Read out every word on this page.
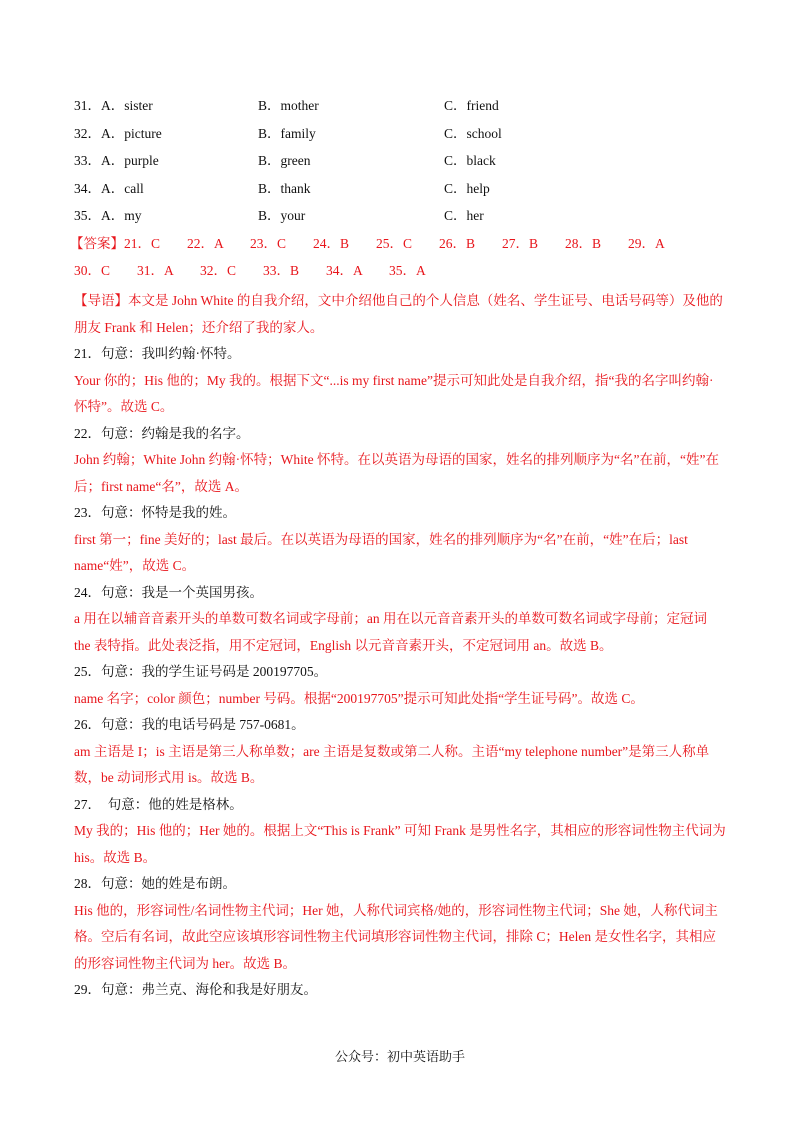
31．A．sister	B．mother	C．friend
32．A．picture	B．family	C．school
33．A．purple	B．green	C．black
34．A．call	B．thank	C．help
35．A．my	B．your	C．her
【答案】21．C　　22．A　　23．C　　24．B　　25．C　　26．B　　27．B　　28．B　　29．A
30．C　　31．A　　32．C　　33．B　　34．A　　35．A
【导语】本文是 John White 的自我介绍，文中介绍他自己的个人信息（姓名、学生证号、电话号码等）及他的朋友 Frank 和 Helen；还介绍了我的家人。
21．句意：我叫约翰·怀特。
Your 你的；His 他的；My 我的。根据下文“...is my first name”提示可知此处是自我介绍，指“我的名字叫约翰·怀特”。故选 C。
22．句意：约翰是我的名字。
John 约翰；White John 约翰·怀特；White 怀特。在以英语为母语的国家，姓名的排列顺序为“名”在前，“姓”在后；first name“名”，故选 A。
23．句意：怀特是我的姓。
first 第一；fine 美好的；last 最后。在以英语为母语的国家，姓名的排列顺序为“名”在前，“姓”在后；last name“姓”，故选 C。
24．句意：我是一个英国男孩。
a 用在以辅音音素开头的单数可数名词或字母前；an 用在以元音音素开头的单数可数名词或字母前；定冠词 the 表特指。此处表泛指，用不定冠词，English 以元音音素开头，不定冠词用 an。故选 B。
25．句意：我的学生证号码是 200197705。
name 名字；color 颜色；number 号码。根据“200197705”提示可知此处指“学生证号码”。故选 C。
26．句意：我的电话号码是 757-0681。
am 主语是 I；is 主语是第三人称单数；are 主语是复数或第二人称。主语“my telephone number”是第三人称单数，be 动词形式用 is。故选 B。
27．　句意：他的姓是格林。
My 我的；His 他的；Her 她的。根据上文“This is Frank” 可知 Frank 是男性名字，其相应的形容词性物主代词为 his。故选 B。
28．句意：她的姓是布朗。
His 他的，形容词性/名词性物主代词；Her 她，人称代词宾格/她的，形容词性物主代词；She 她，人称代词主格。空后有名词，故此空应该填形容词性物主代词填形容词性物主代词，排除 C；Helen 是女性名字，其相应的形容词性物主代词为 her。故选 B。
29．句意：弗兰克、海伦和我是好朋友。
公众号：初中英语助手
